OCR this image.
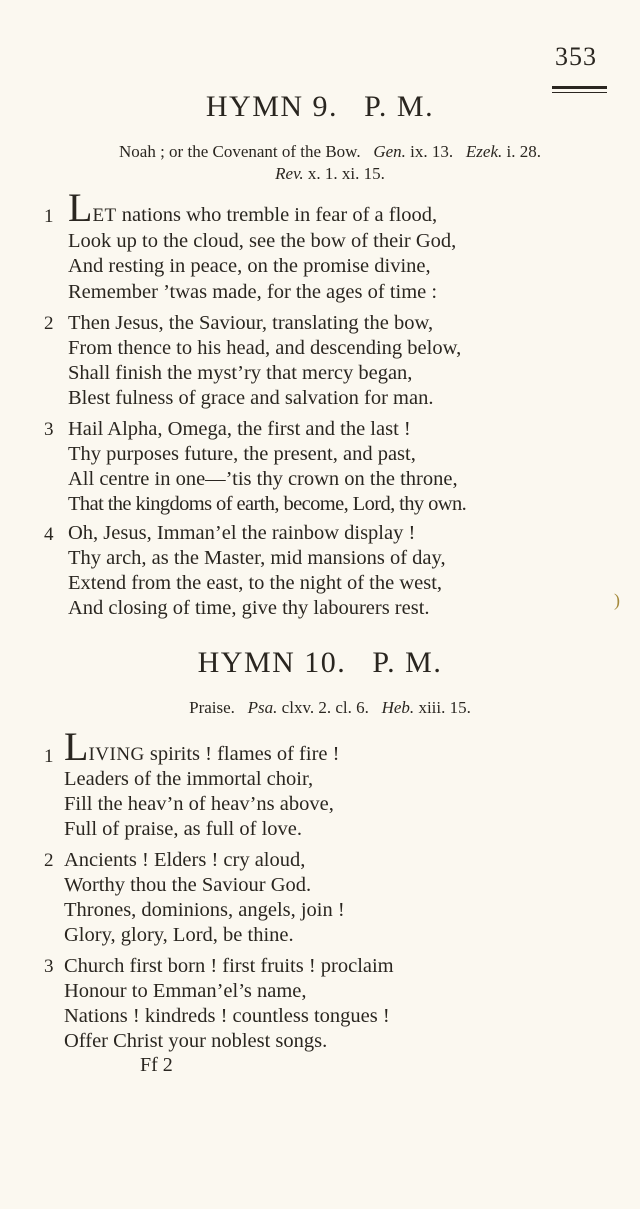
353
HYMN 9. P. M.
Noah ; or the Covenant of the Bow. Gen. ix. 13. Ezek. i. 28.
Rev. x. 1. xi. 15.
1 LET nations who tremble in fear of a flood,
Look up to the cloud, see the bow of their God,
And resting in peace, on the promise divine,
Remember ’twas made, for the ages of time :
2 Then Jesus, the Saviour, translating the bow,
From thence to his head, and descending below,
Shall finish the myst’ry that mercy began,
Blest fulness of grace and salvation for man.
3 Hail Alpha, Omega, the first and the last !
Thy purposes future, the present, and past,
All centre in one—’tis thy crown on the throne,
That the kingdoms of earth, become, Lord, thy own.
4 Oh, Jesus, Imman’el the rainbow display !
Thy arch, as the Master, mid mansions of day,
Extend from the east, to the night of the west,
And closing of time, give thy labourers rest.	)
HYMN 10. P. M.
Praise. Psa. clxv. 2. cl. 6. Heb. xiii. 15.
1 LIVING spirits ! flames of fire !
Leaders of the immortal choir,
Fill the heav’n of heav’ns above,
Full of praise, as full of love.
2 Ancients ! Elders ! cry aloud,
Worthy thou the Saviour God.
Thrones, dominions, angels, join !
Glory, glory, Lord, be thine.
3 Church first born ! first fruits ! proclaim
Honour to Emman’el’s name,
Nations ! kindreds ! countless tongues !
Offer Christ your noblest songs.
Ff 2
